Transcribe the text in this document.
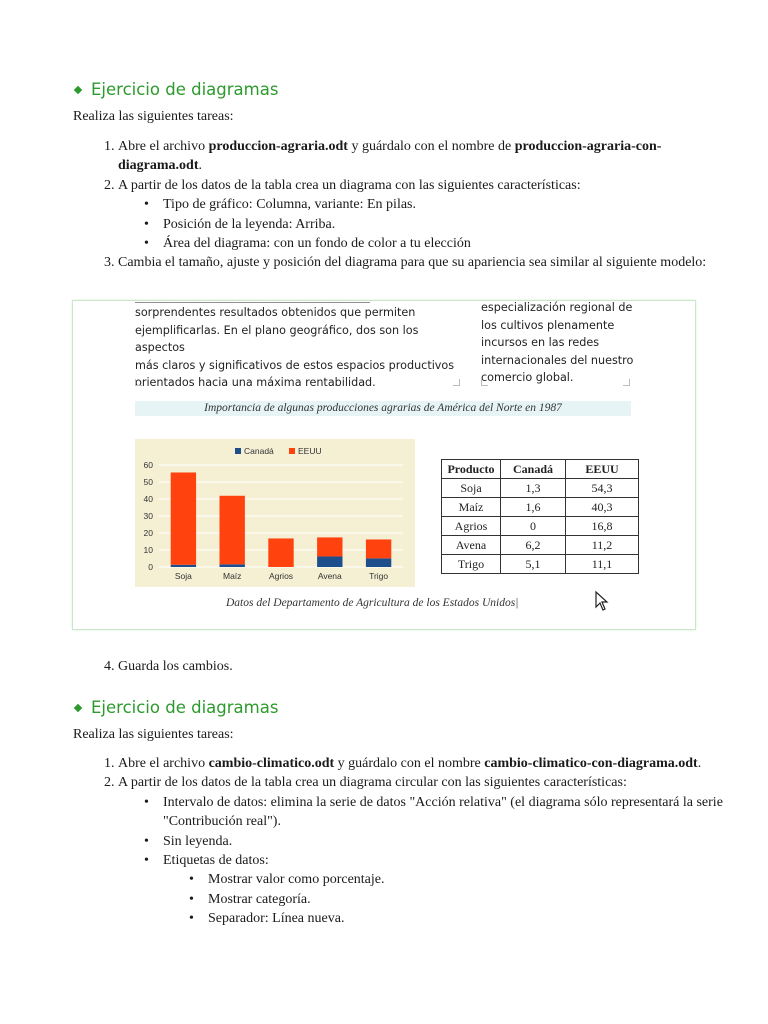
Ejercicio de diagramas

Realiza las siguientes tareas:

1. Abre el archivo produccion-agraria.odt y guárdalo con el nombre de produccion-agraria-con-diagrama.odt.
2. A partir de los datos de la tabla crea un diagrama con las siguientes características:
• Tipo de gráfico: Columna, variante: En pilas.
• Posición de la leyenda: Arriba.
• Área del diagrama: con un fondo de color a tu elección
3. Cambia el tamaño, ajuste y posición del diagrama para que su apariencia sea similar al siguiente modelo:
―――――――――――――――――――――
sorprendentes resultados obtenidos que permiten
ejemplificarlas. En el plano geográfico, dos son los aspectos
más claros y significativos de estos espacios productivos
orientados hacia una máxima rentabilidad.
especialización regional de
los cultivos plenamente
incursos en las redes
internacionales del nuestro
comercio global.
Importancia de algunas producciones agrarias de América del Norte en 1987
0
10
20
30
40
50
60
Soja	Maíz	Agrios	Avena	Trigo
Canadá	EEUU
Producto	Canadá	EEUU
Soja	1,3	54,3
Maíz	1,6	40,3
Agrios	0	16,8
Avena	6,2	11,2
Trigo	5,1	11,1
Datos del Departamento de Agricultura de los Estados Unidos|
4. Guarda los cambios.
Ejercicio de diagramas

Realiza las siguientes tareas:

1. Abre el archivo cambio-climatico.odt y guárdalo con el nombre cambio-climatico-con-diagrama.odt.
2. A partir de los datos de la tabla crea un diagrama circular con las siguientes características:
• Intervalo de datos: elimina la serie de datos "Acción relativa" (el diagrama sólo representará la serie "Contribución real").
• Sin leyenda.
• Etiquetas de datos:
• Mostrar valor como porcentaje.
• Mostrar categoría.
• Separador: Línea nueva.
